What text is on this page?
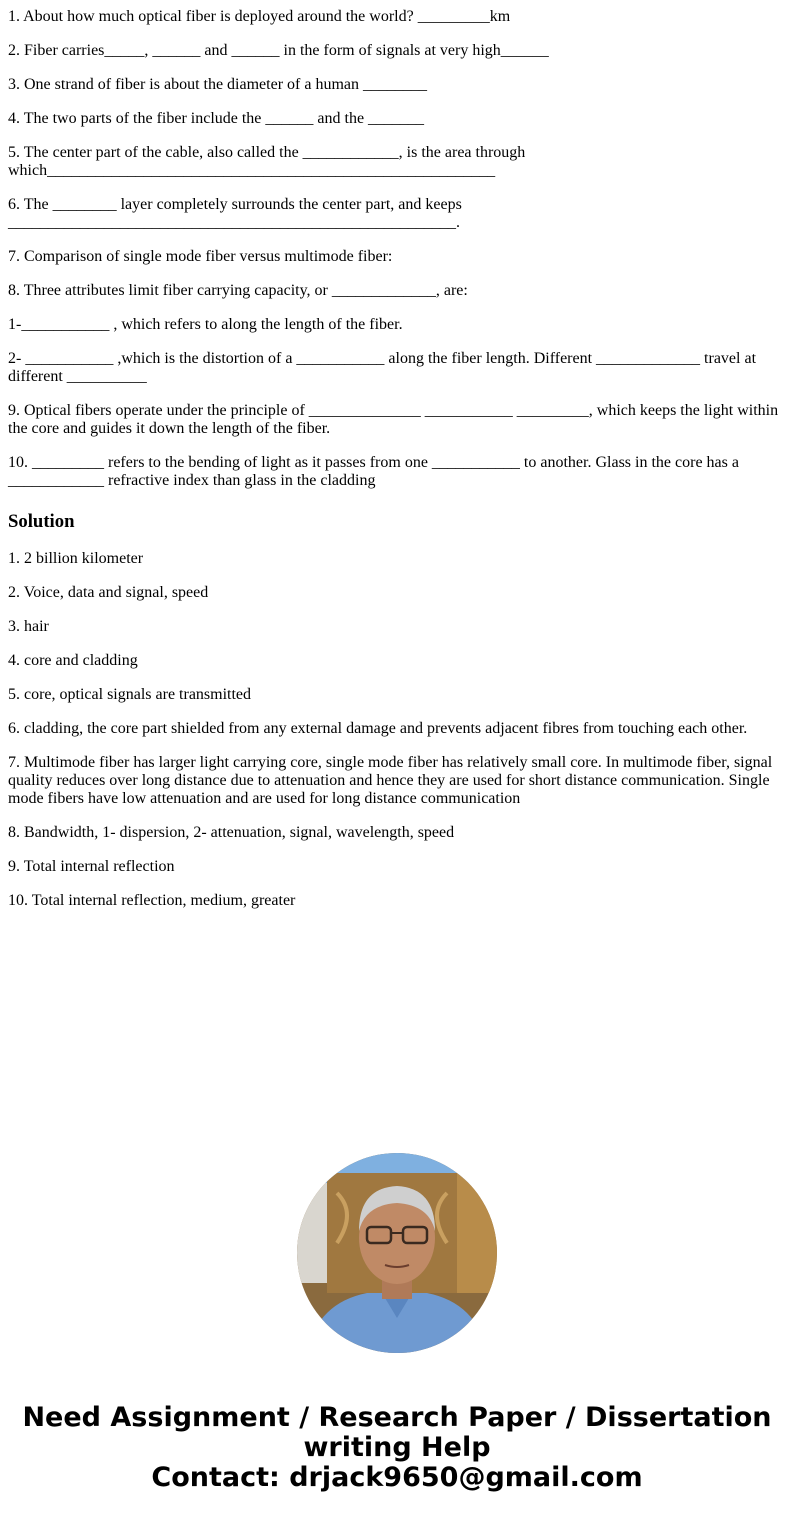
1. About how much optical fiber is deployed around the world? _________km

2. Fiber carries_____, ______ and ______ in the form of signals at very high______

3. One strand of fiber is about the diameter of a human ________

4. The two parts of the fiber include the ______ and the _______

5. The center part of the cable, also called the ____________, is the area through which________________________________________________________

6. The ________ layer completely surrounds the center part, and keeps ________________________________________________________.

7. Comparison of single mode fiber versus multimode fiber:

8. Three attributes limit fiber carrying capacity, or _____________, are:

1-___________ , which refers to along the length of the fiber.

2- ___________ ,which is the distortion of a ___________ along the fiber length. Different _____________ travel at different __________

9. Optical fibers operate under the principle of ______________ ___________ _________, which keeps the light within the core and guides it down the length of the fiber.

10. _________ refers to the bending of light as it passes from one ___________ to another. Glass in the core has a ____________ refractive index than glass in the cladding

Solution

1. 2 billion kilometer

2. Voice, data and signal, speed

3. hair

4. core and cladding

5. core, optical signals are transmitted

6. cladding, the core part shielded from any external damage and prevents adjacent fibres from touching each other.

7. Multimode fiber has larger light carrying core, single mode fiber has relatively small core. In multimode fiber, signal quality reduces over long distance due to attenuation and hence they are used for short distance communication. Single mode fibers have low attenuation and are used for long distance communication

8. Bandwidth, 1- dispersion, 2- attenuation, signal, wavelength, speed

9. Total internal reflection

10. Total internal reflection, medium, greater

Need Assignment / Research Paper / Dissertation
writing Help
Contact: drjack9650@gmail.com
